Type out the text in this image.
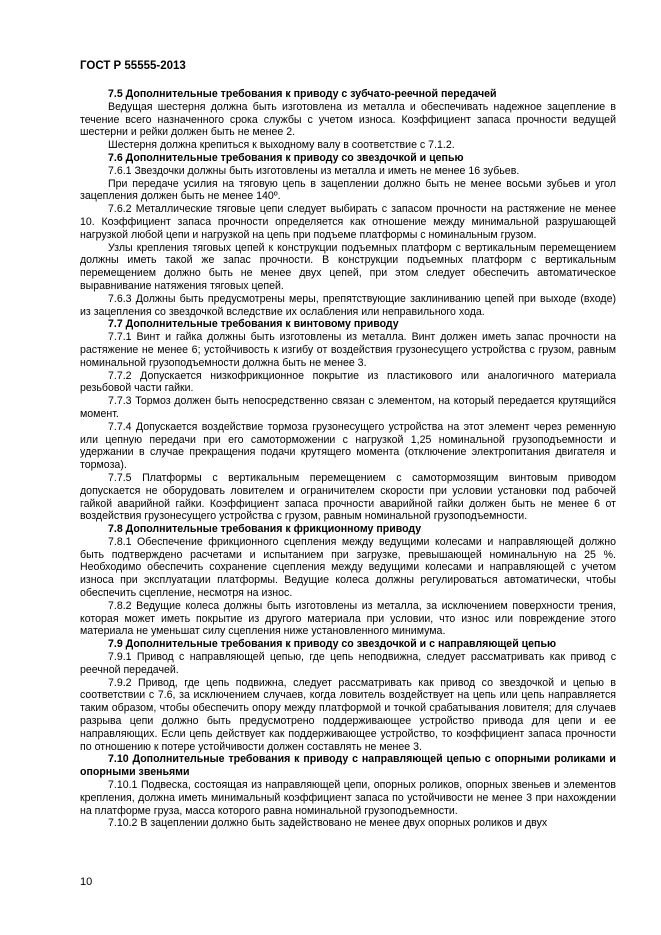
ГОСТ Р 55555-2013

7.5 Дополнительные требования к приводу с зубчато-реечной передачей

Ведущая шестерня должна быть изготовлена из металла и обеспечивать надежное зацепление в течение всего назначенного срока службы с учетом износа. Коэффициент запаса прочности ведущей шестерни и рейки должен быть не менее 2.

Шестерня должна крепиться к выходному валу в соответствие с 7.1.2.

7.6 Дополнительные требования к приводу со звездочкой и цепью

7.6.1 Звездочки должны быть изготовлены из металла и иметь не менее 16 зубьев.

При передаче усилия на тяговую цепь в зацеплении должно быть не менее восьми зубьев и угол зацепления должен быть не менее 140º.

7.6.2 Металлические тяговые цепи следует выбирать с запасом прочности на растяжение не менее 10. Коэффициент запаса прочности определяется как отношение между минимальной разрушающей нагрузкой любой цепи и нагрузкой на цепь при подъеме платформы с номинальным грузом.

Узлы крепления тяговых цепей к конструкции подъемных платформ с вертикальным перемещением должны иметь такой же запас прочности. В конструкции подъемных платформ с вертикальным перемещением должно быть не менее двух цепей, при этом следует обеспечить автоматическое выравнивание натяжения тяговых цепей.

7.6.3 Должны быть предусмотрены меры, препятствующие заклиниванию цепей при выходе (входе) из зацепления со звездочкой вследствие их ослабления или неправильного хода.

7.7 Дополнительные требования к винтовому приводу

7.7.1 Винт и гайка должны быть изготовлены из металла. Винт должен иметь запас прочности на растяжение не менее 6; устойчивость к изгибу от воздействия грузонесущего устройства с грузом, равным номинальной грузоподъемности должна быть не менее 3.

7.7.2 Допускается низкофрикционное покрытие из пластикового или аналогичного материала резьбовой части гайки.

7.7.3 Тормоз должен быть непосредственно связан с элементом, на который передается крутящийся момент.

7.7.4 Допускается воздействие тормоза грузонесущего устройства на этот элемент через ременную или цепную передачи при его самоторможении с нагрузкой 1,25 номинальной грузоподъемности и удержании в случае прекращения подачи крутящего момента (отключение электропитания двигателя и тормоза).

7.7.5 Платформы с вертикальным перемещением с самотормозящим винтовым приводом допускается не оборудовать ловителем и ограничителем скорости при условии установки под рабочей гайкой аварийной гайки. Коэффициент запаса прочности аварийной гайки должен быть не менее 6 от воздействия грузонесущего устройства с грузом, равным номинальной грузоподъемности.

7.8 Дополнительные требования к фрикционному приводу

7.8.1 Обеспечение фрикционного сцепления между ведущими колесами и направляющей должно быть подтверждено расчетами и испытанием при загрузке, превышающей номинальную на 25 %. Необходимо обеспечить сохранение сцепления между ведущими колесами и направляющей с учетом износа при эксплуатации платформы. Ведущие колеса должны регулироваться автоматически, чтобы обеспечить сцепление, несмотря на износ.

7.8.2 Ведущие колеса должны быть изготовлены из металла, за исключением поверхности трения, которая может иметь покрытие из другого материала при условии, что износ или повреждение этого материала не уменьшат силу сцепления ниже установленного минимума.

7.9 Дополнительные требования к приводу со звездочкой и с направляющей цепью

7.9.1 Привод с направляющей цепью, где цепь неподвижна, следует рассматривать как привод с реечной передачей.

7.9.2 Привод, где цепь подвижна, следует рассматривать как привод со звездочкой и цепью в соответствии с 7.6, за исключением случаев, когда ловитель воздействует на цепь или цепь направляется таким образом, чтобы обеспечить опору между платформой и точкой срабатывания ловителя; для случаев разрыва цепи должно быть предусмотрено поддерживающее устройство привода для цепи и ее направляющих. Если цепь действует как поддерживающее устройство, то коэффициент запаса прочности по отношению к потере устойчивости должен составлять не менее 3.

7.10 Дополнительные требования к приводу с направляющей цепью с опорными роликами и опорными звеньями

7.10.1 Подвеска, состоящая из направляющей цепи, опорных роликов, опорных звеньев и элементов крепления, должна иметь минимальный коэффициент запаса по устойчивости не менее 3 при нахождении на платформе груза, масса которого равна номинальной грузоподъемности.

7.10.2 В зацеплении должно быть задействовано не менее двух опорных роликов и двух

10
